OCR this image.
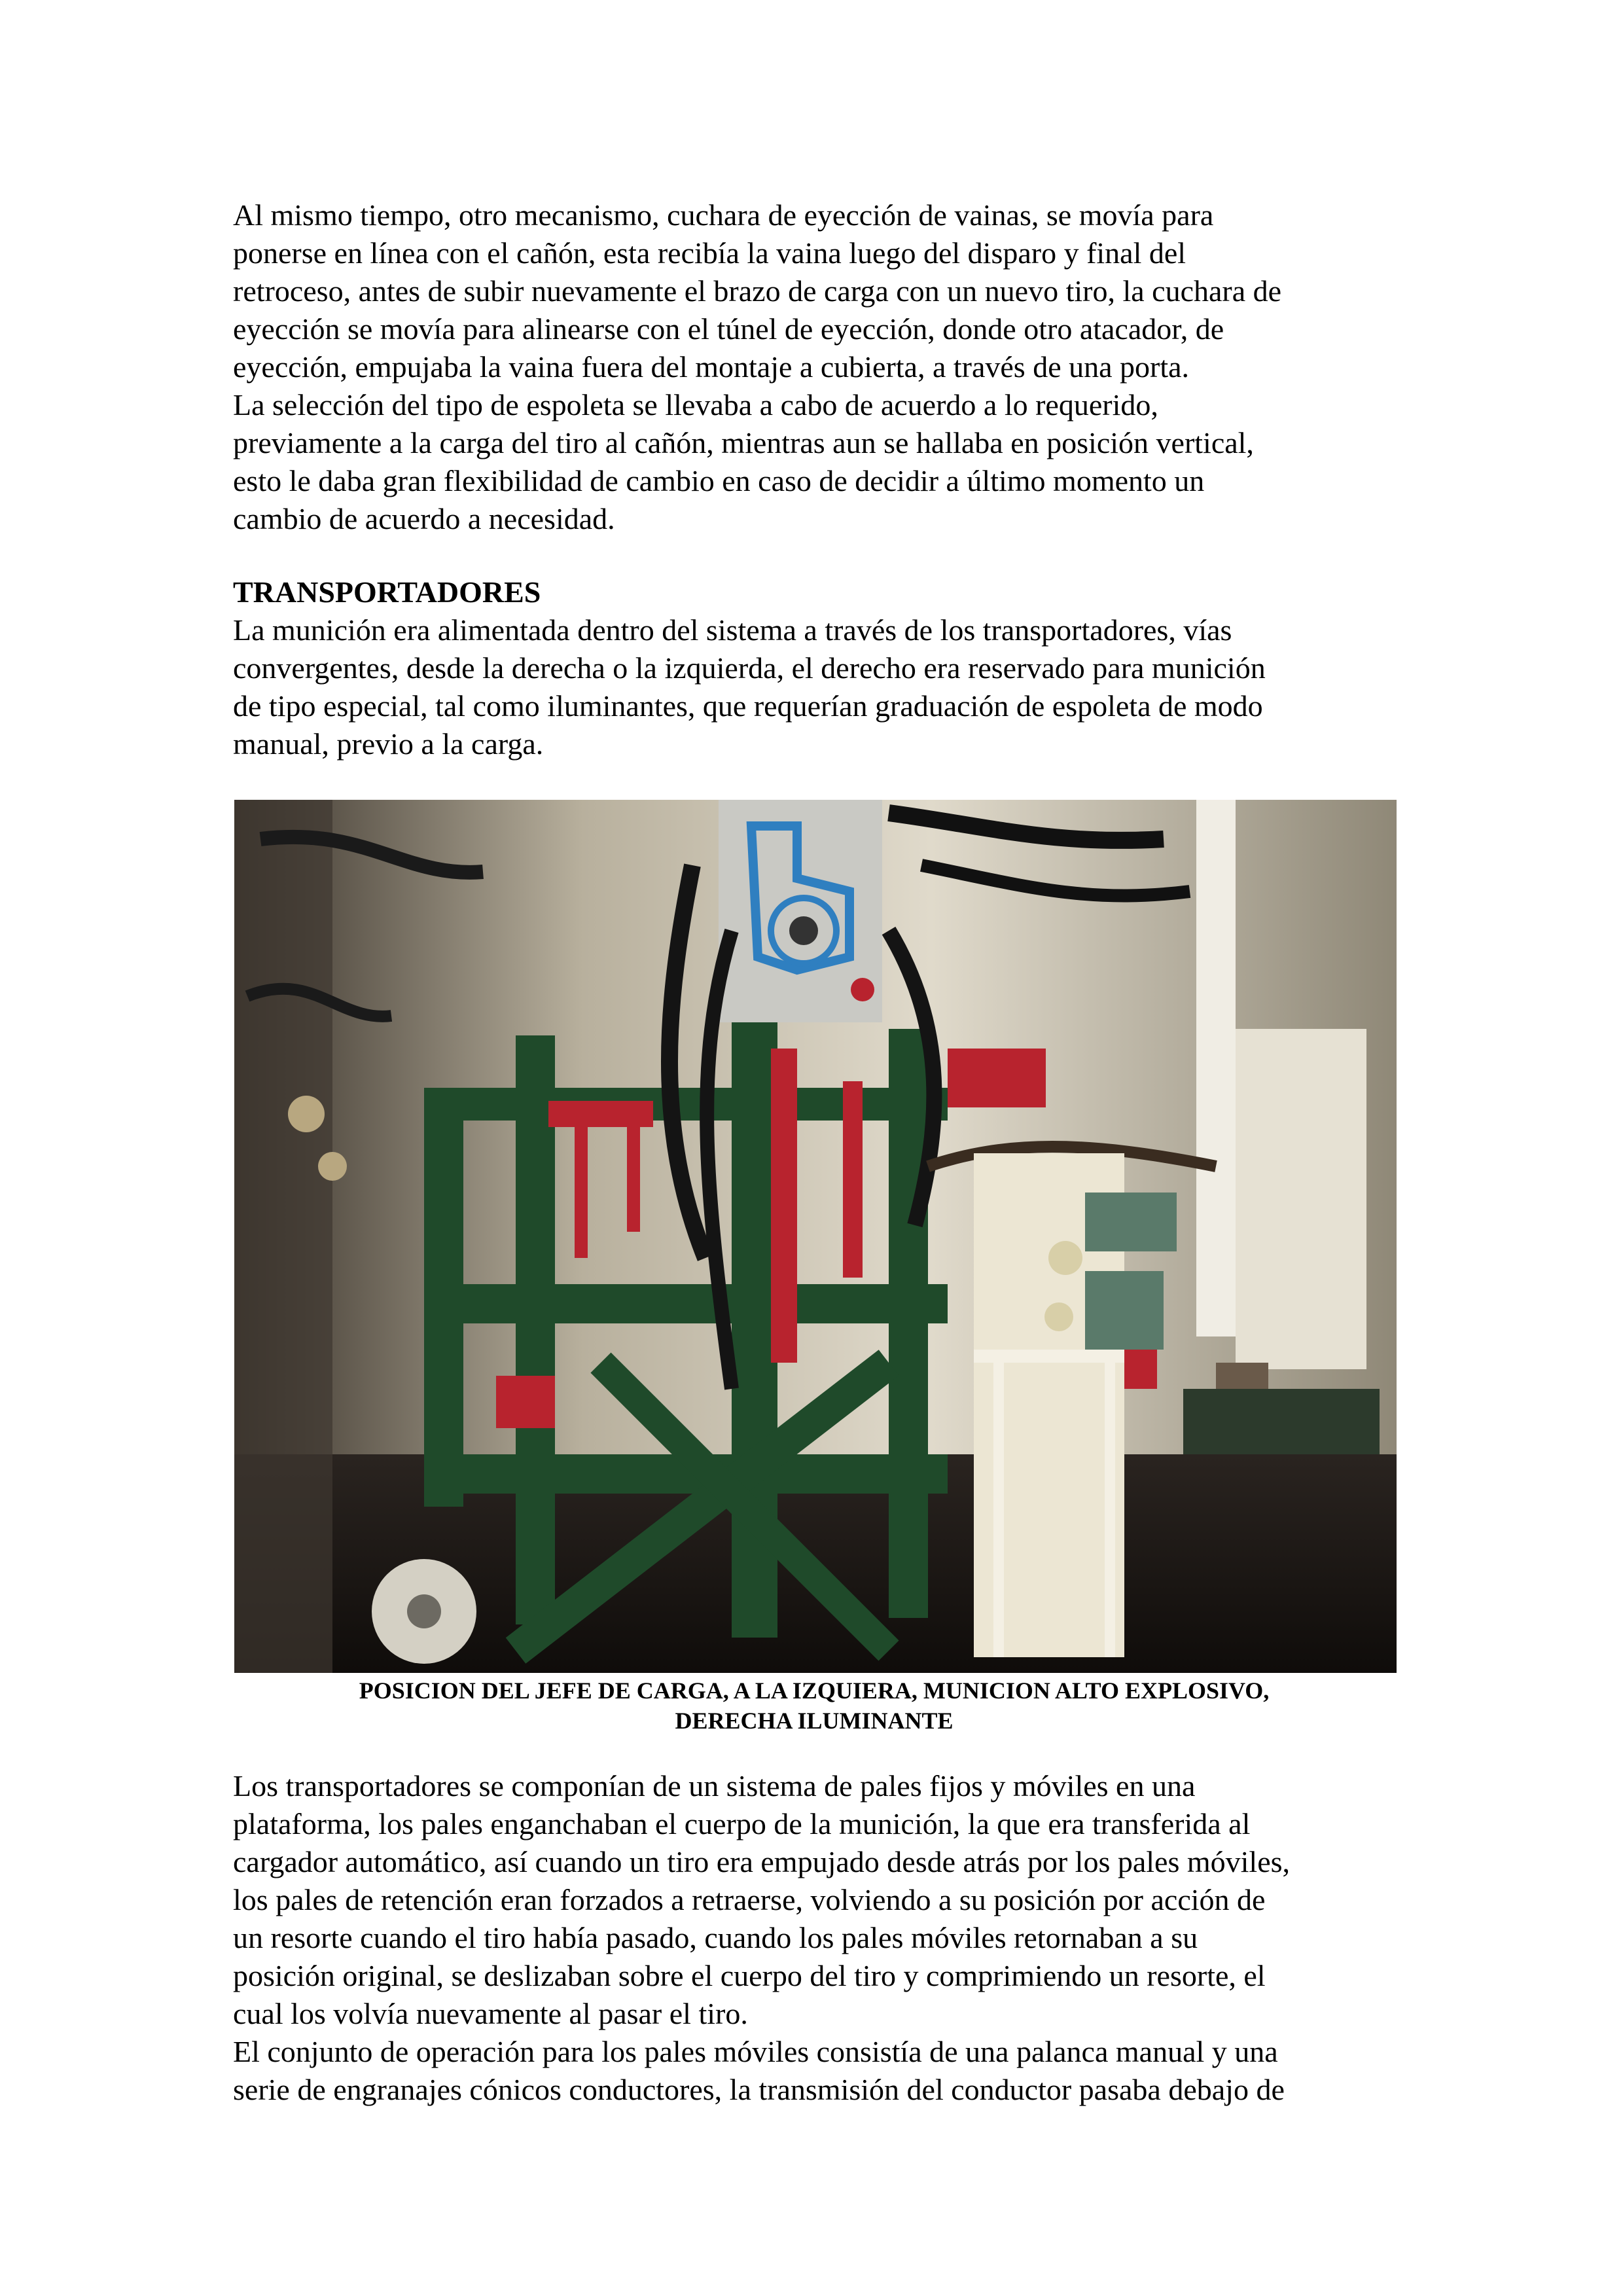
Al mismo tiempo, otro mecanismo, cuchara de eyección de vainas, se movía para
ponerse en línea con el cañón, esta recibía la vaina luego del disparo y final del
retroceso, antes de subir nuevamente el brazo de carga con un nuevo tiro, la cuchara de
eyección se movía para alinearse con el túnel de eyección, donde otro atacador, de
eyección, empujaba la vaina fuera del montaje a cubierta, a través de una porta.
La selección del tipo de espoleta se llevaba a cabo de acuerdo a lo requerido,
previamente a la carga del tiro al cañón, mientras aun se hallaba en posición vertical,
esto le daba gran flexibilidad de cambio en caso de decidir a último momento un
cambio de acuerdo a necesidad.
TRANSPORTADORES
La munición era alimentada dentro del sistema a través de los transportadores, vías
convergentes, desde la derecha o la izquierda, el derecho era reservado para munición
de tipo especial, tal como iluminantes, que requerían graduación de espoleta de modo
manual, previo a la carga.
POSICION DEL JEFE DE CARGA, A LA IZQUIERA, MUNICION ALTO EXPLOSIVO,
DERECHA ILUMINANTE
Los transportadores se componían de un sistema de pales fijos y móviles en una
plataforma, los pales enganchaban el cuerpo de la munición, la que era transferida al
cargador automático, así cuando un tiro era empujado desde atrás por los pales móviles,
los pales de retención eran forzados a retraerse, volviendo a su posición por acción de
un resorte cuando el tiro había pasado, cuando los pales móviles retornaban a su
posición original, se deslizaban sobre el cuerpo del tiro y comprimiendo un resorte, el
cual los volvía nuevamente al pasar el tiro.
El conjunto de operación para los pales móviles consistía de una palanca manual y una
serie de engranajes cónicos conductores, la transmisión del conductor pasaba debajo de
